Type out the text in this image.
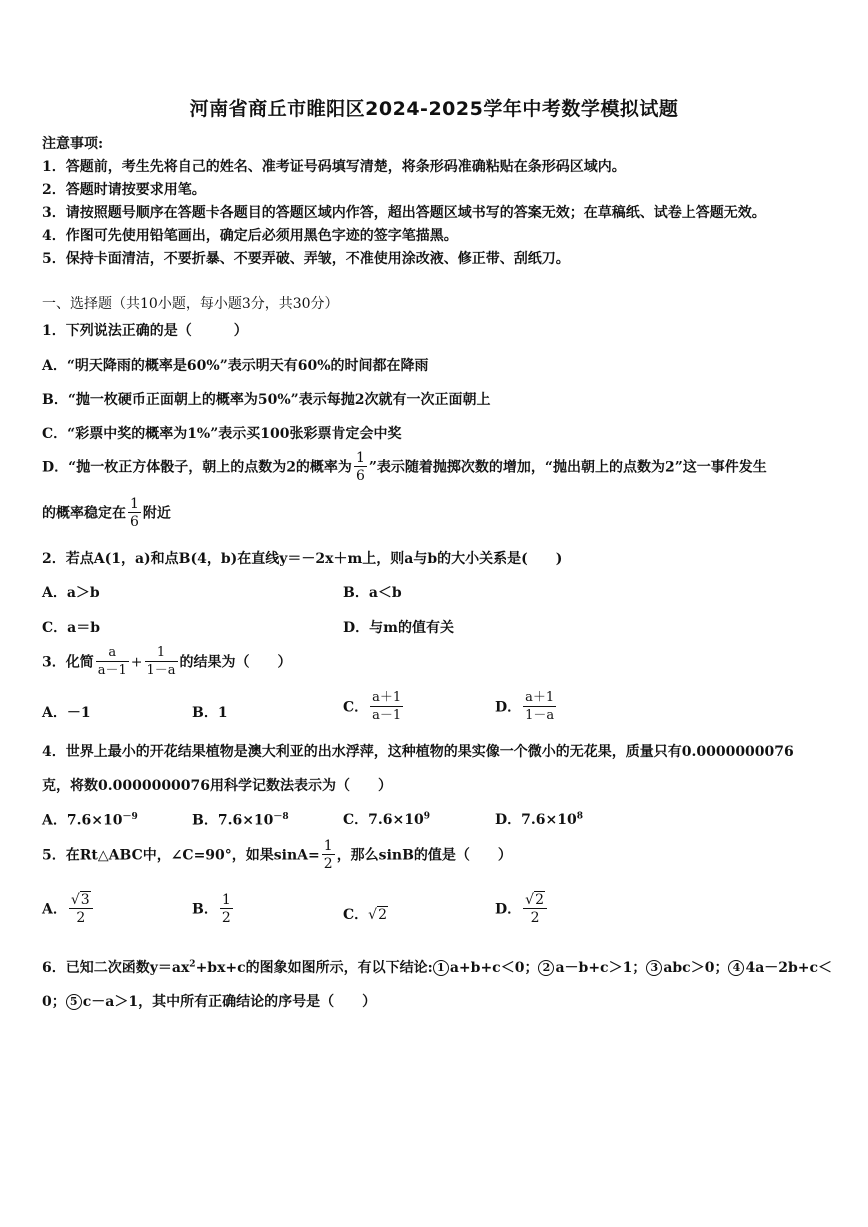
河南省商丘市睢阳区2024-2025学年中考数学模拟试题
注意事项:
1．答题前，考生先将自己的姓名、准考证号码填写清楚，将条形码准确粘贴在条形码区域内。
2．答题时请按要求用笔。
3．请按照题号顺序在答题卡各题目的答题区域内作答，超出答题区域书写的答案无效；在草稿纸、试卷上答题无效。
4．作图可先使用铅笔画出，确定后必须用黑色字迹的签字笔描黑。
5．保持卡面清洁，不要折暴、不要弄破、弄皱，不准使用涂改液、修正带、刮纸刀。
一、选择题（共10小题，每小题3分，共30分）
1．下列说法正确的是（　　　）
A．“明天降雨的概率是60%”表示明天有60%的时间都在降雨
B．“抛一枚硬币正面朝上的概率为50%”表示每抛2次就有一次正面朝上
C．“彩票中奖的概率为1%”表示买100张彩票肯定会中奖
D．“抛一枚正方体骰子，朝上的点数为2的概率为 $\frac{1}{6}$ ”表示随着抛掷次数的增加，“抛出朝上的点数为2”这一事件发生
的概率稳定在 $\frac{1}{6}$ 附近
2．若点A(1，a)和点B(4，b)在直线y＝－2x＋m上，则a与b的大小关系是(　　)
A．a＞b	B．a＜b
C．a＝b	D．与m的值有关
3．化简 $\frac{a}{a-1} + \frac{1}{1-a}$ 的结果为（　　）
A．－1	B．1	C． $\frac{a+1}{a-1}$	D． $\frac{a+1}{1-a}$
4．世界上最小的开花结果植物是澳大利亚的出水浮萍，这种植物的果实像一个微小的无花果，质量只有0.0000000076
克，将数0.0000000076用科学记数法表示为（　　）
A．$7.6\times 10^{-9}$	B．$7.6\times 10^{-8}$	C．$7.6\times 10^9$	D．$7.6\times 10^8$
5．在Rt△ABC中，∠C=90°，如果$\sin A= \frac{1}{2}$ ，那么sinB的值是（　　）
A． $\frac{√3}{2}$	B． $\frac{1}{2}$	C．√2	D． $\frac{√2}{2}$
6．已知二次函数$y=ax^2+bx+c$的图象如图所示，有以下结论: 1 a+b+c＜0； 2 a－b+c＞1； 3 abc＞0； 4 4a－2b+c＜
0； 5 c－a＞1，其中所有正确结论的序号是（　　）
